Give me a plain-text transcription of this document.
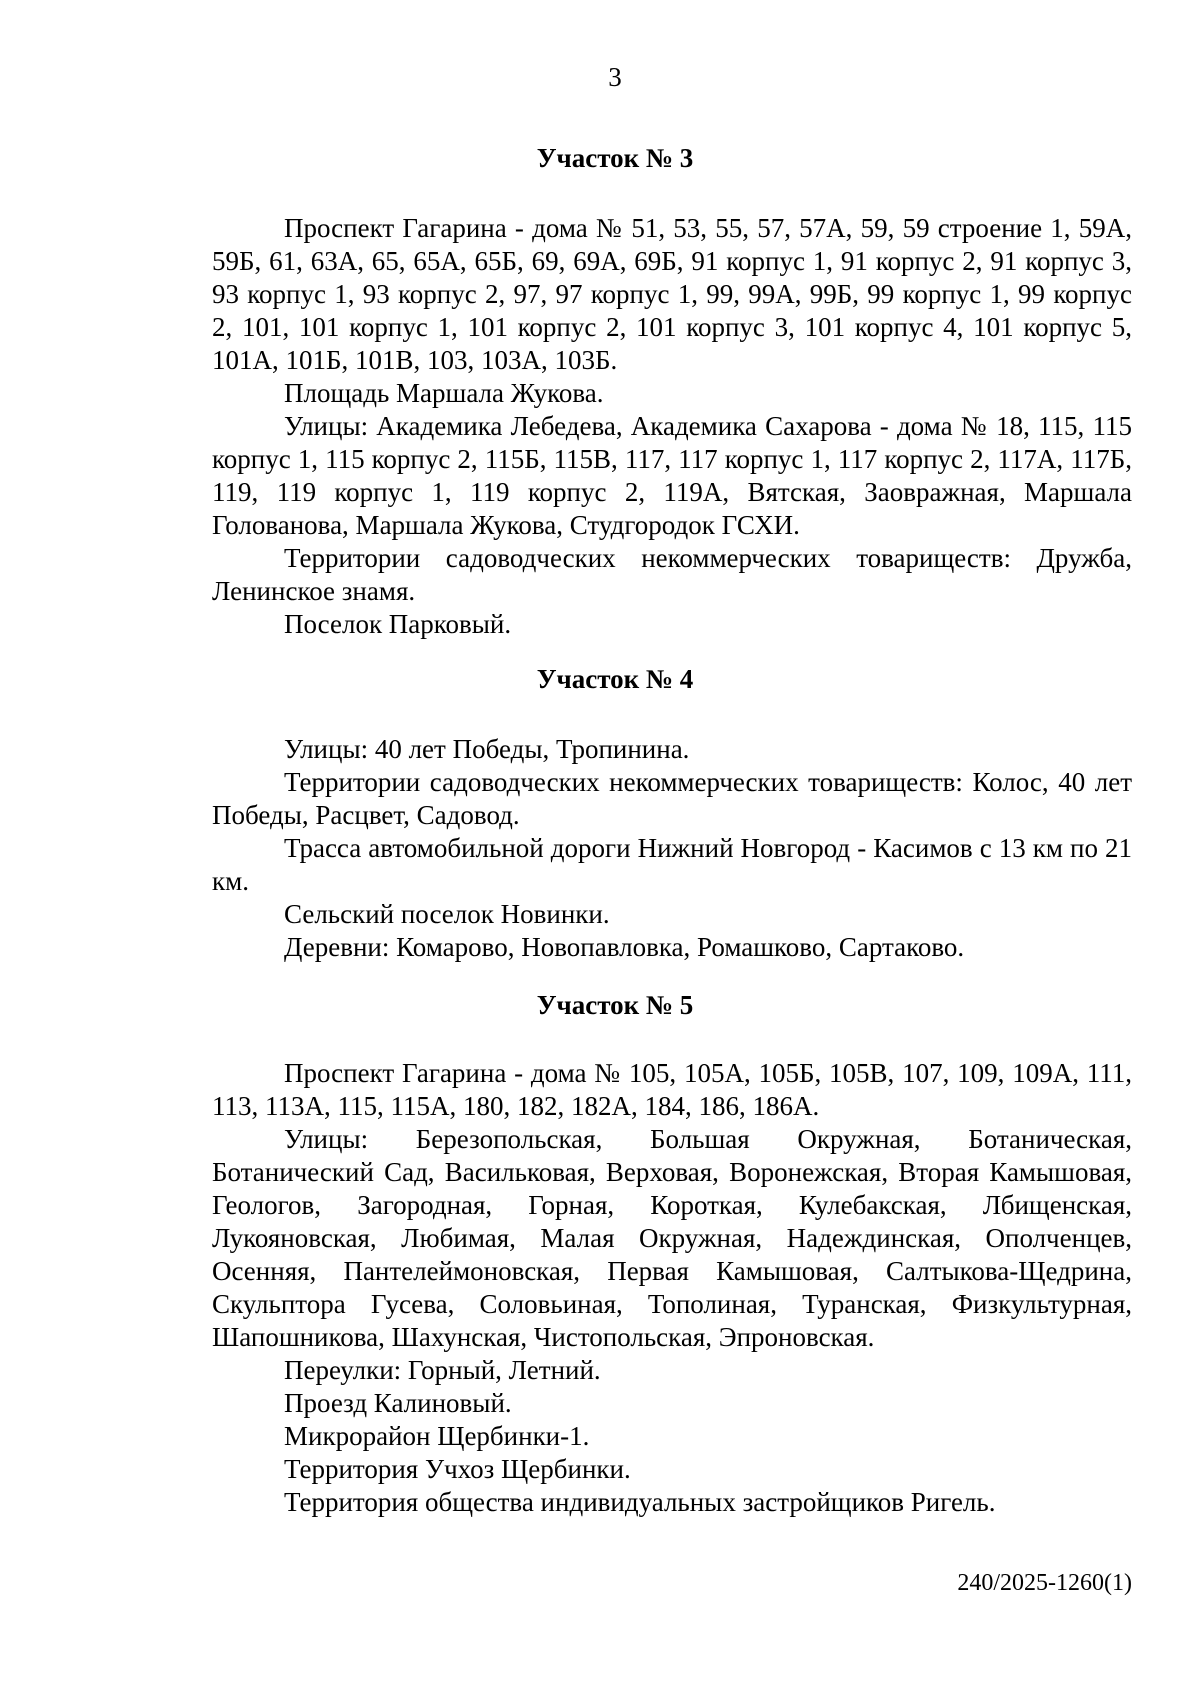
3
Участок № 3

Проспект Гагарина - дома № 51, 53, 55, 57, 57А, 59, 59 строение 1, 59А, 59Б, 61, 63А, 65, 65А, 65Б, 69, 69А, 69Б, 91 корпус 1, 91 корпус 2, 91 корпус 3, 93 корпус 1, 93 корпус 2, 97, 97 корпус 1, 99, 99А, 99Б, 99 корпус 1, 99 корпус 2, 101, 101 корпус 1, 101 корпус 2, 101 корпус 3, 101 корпус 4, 101 корпус 5, 101А, 101Б, 101В, 103, 103А, 103Б.

Площадь Маршала Жукова.

Улицы: Академика Лебедева, Академика Сахарова - дома № 18, 115, 115 корпус 1, 115 корпус 2, 115Б, 115В, 117, 117 корпус 1, 117 корпус 2, 117А, 117Б, 119, 119 корпус 1, 119 корпус 2, 119А, Вятская, Заовражная, Маршала Голованова, Маршала Жукова, Студгородок ГСХИ.

Территории садоводческих некоммерческих товариществ: Дружба, Ленинское знамя.

Поселок Парковый.

Участок № 4

Улицы: 40 лет Победы, Тропинина.

Территории садоводческих некоммерческих товариществ: Колос, 40 лет Победы, Расцвет, Садовод.

Трасса автомобильной дороги Нижний Новгород - Касимов с 13 км по 21 км.

Сельский поселок Новинки.

Деревни: Комарово, Новопавловка, Ромашково, Сартаково.

Участок № 5

Проспект Гагарина - дома № 105, 105А, 105Б, 105В, 107, 109, 109А, 111, 113, 113А, 115, 115А, 180, 182, 182А, 184, 186, 186А.

Улицы: Березопольская, Большая Окружная, Ботаническая, Ботанический Сад, Васильковая, Верховая, Воронежская, Вторая Камышовая, Геологов, Загородная, Горная, Короткая, Кулебакская, Лбищенская, Лукояновская, Любимая, Малая Окружная, Надеждинская, Ополченцев, Осенняя, Пантелеймоновская, Первая Камышовая, Салтыкова-Щедрина, Скульптора Гусева, Соловьиная, Тополиная, Туранская, Физкультурная, Шапошникова, Шахунская, Чистопольская, Эпроновская.

Переулки: Горный, Летний.

Проезд Калиновый.

Микрорайон Щербинки-1.

Территория Учхоз Щербинки.

Территория общества индивидуальных застройщиков Ригель.

240/2025-1260(1)
